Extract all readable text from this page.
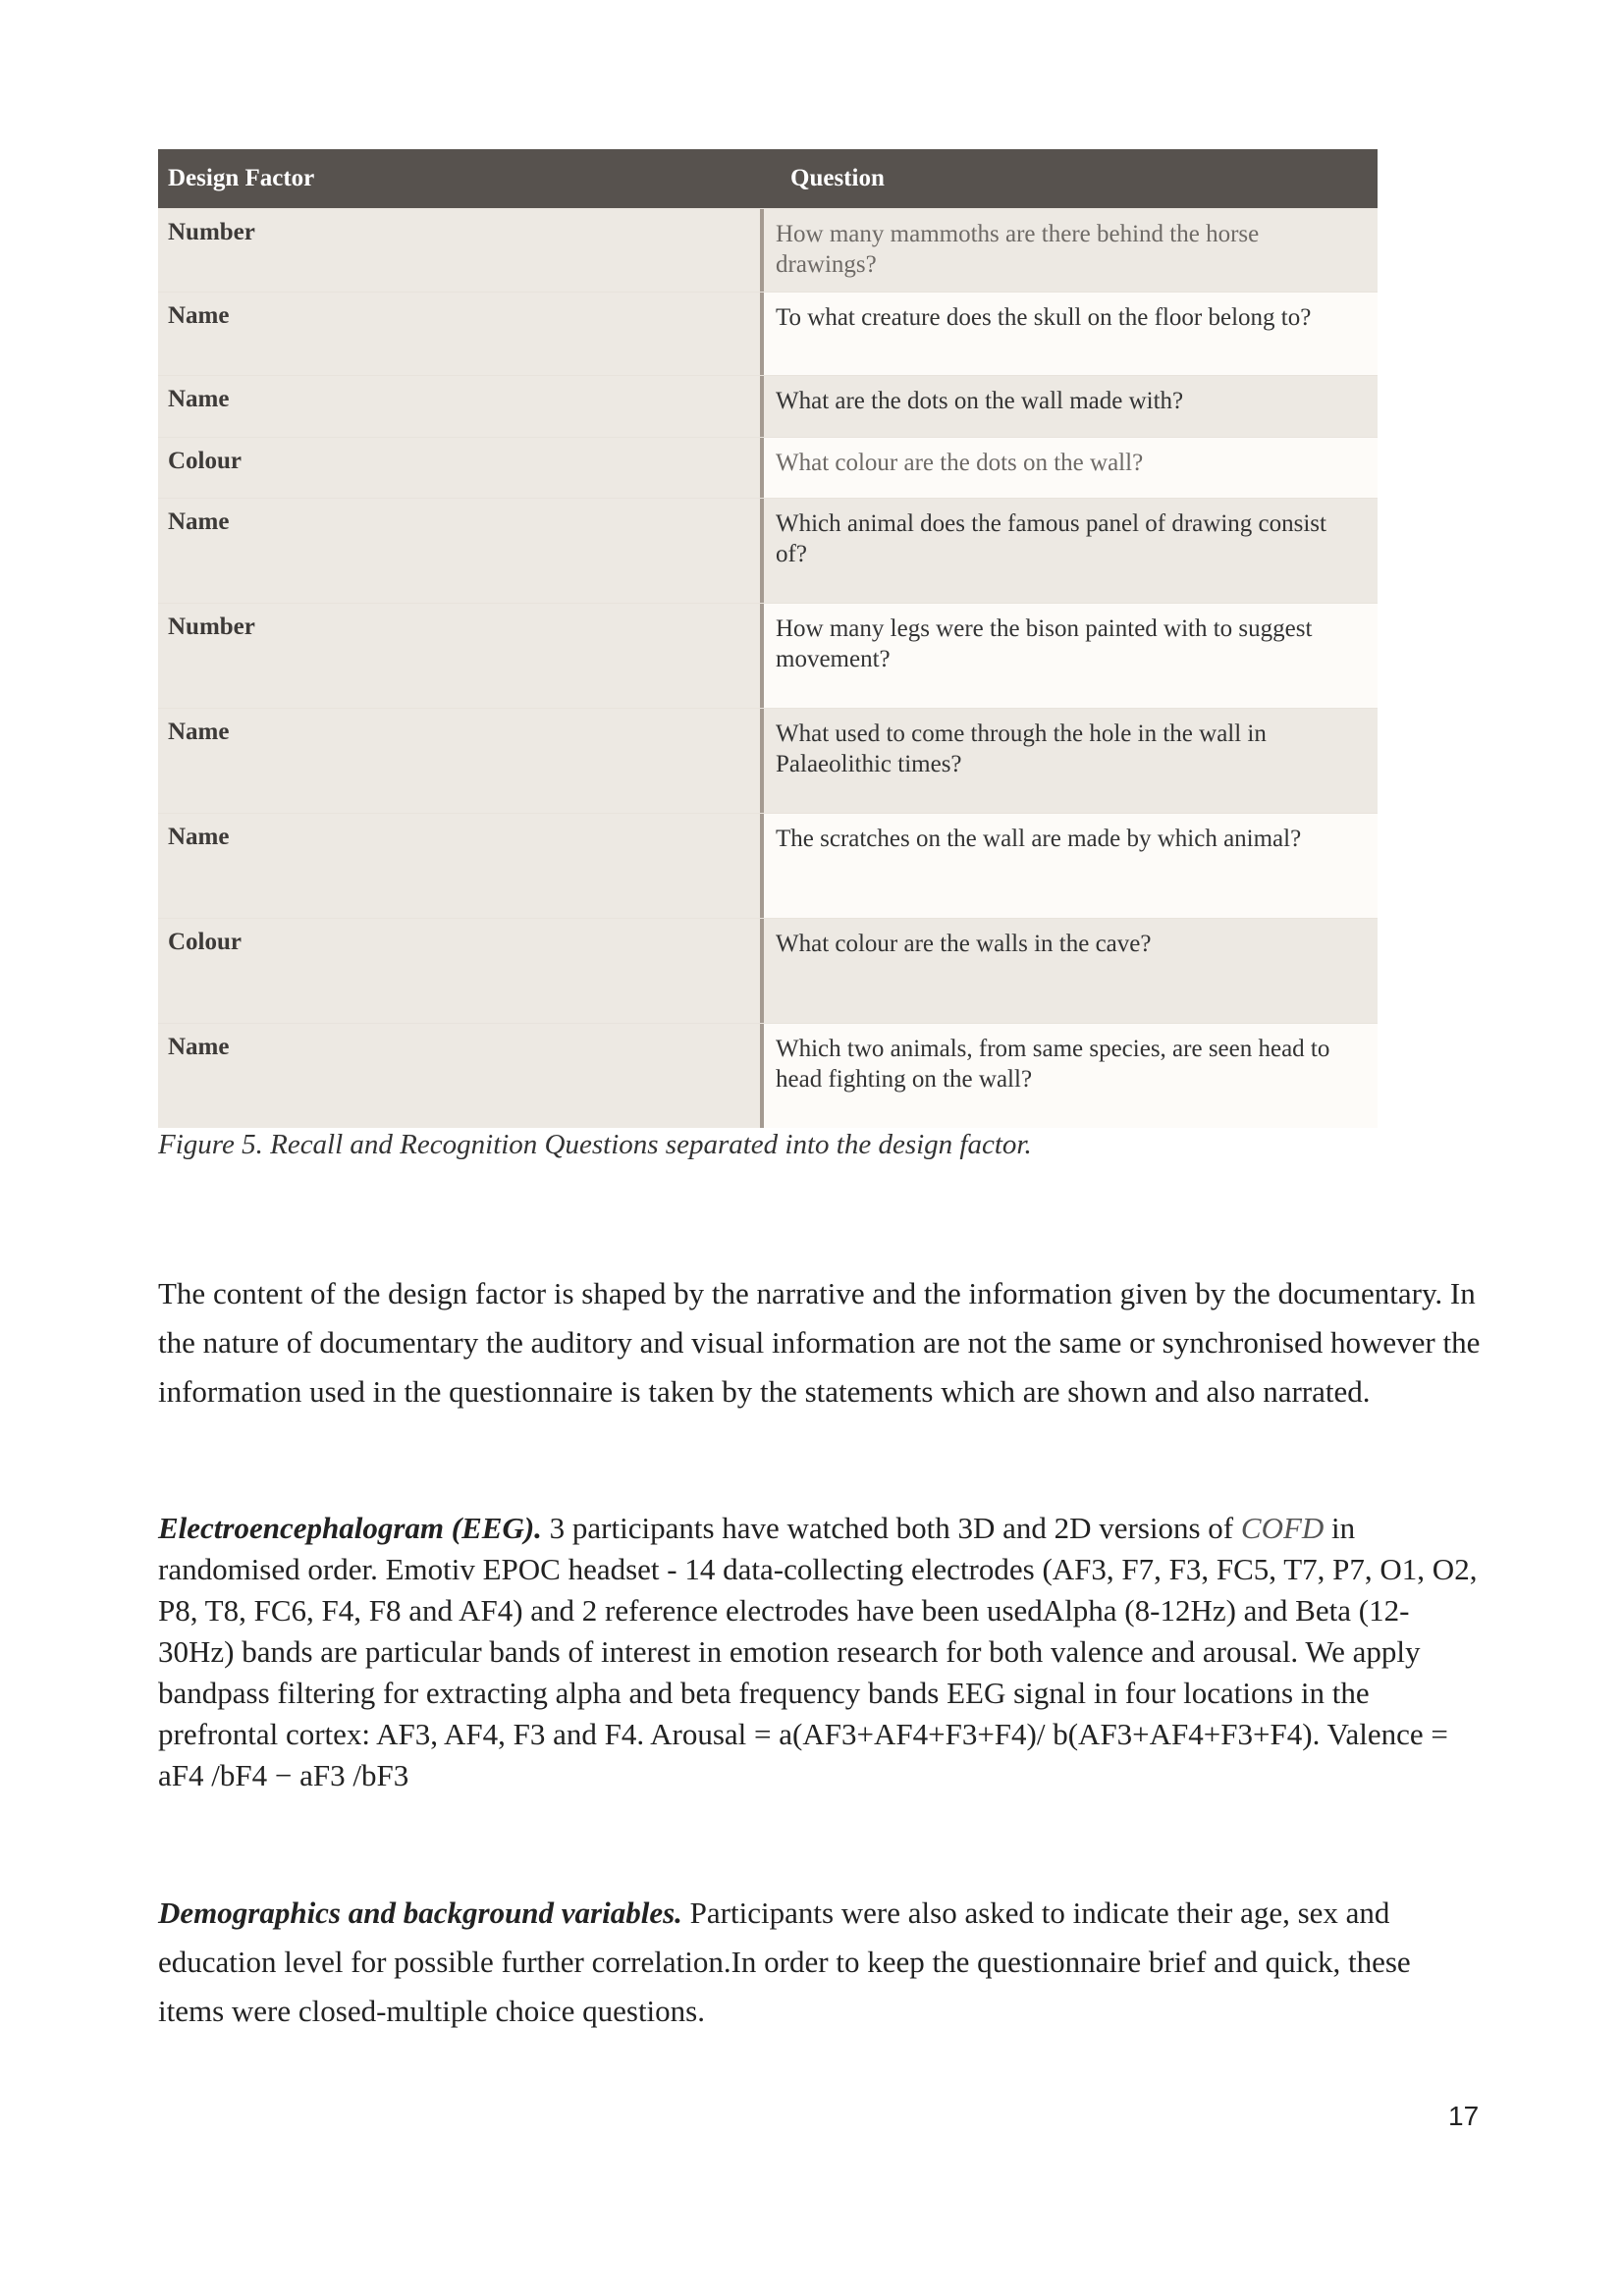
Design Factor	Question
Number	How many mammoths are there behind the horse drawings?
Name	To what creature does the skull on the floor belong to?
Name	What are the dots on the wall made with?
Colour	What colour are the dots on the wall?
Name	Which animal does the famous panel of drawing consist of?
Number	How many legs were the bison painted with to suggest movement?
Name	What used to come through the hole in the wall in Palaeolithic times?
Name	The scratches on the wall are made by which animal?
Colour	What colour are the walls in the cave?
Name	Which two animals, from same species, are seen head to head fighting on the wall?
Figure 5. Recall and Recognition Questions separated into the design factor.
The content of the design factor is shaped by the narrative and the information given by the documentary. In the nature of documentary the auditory and visual information are not the same or synchronised however the information used in the questionnaire is taken by the statements which are shown and also narrated.
Electroencephalogram (EEG). 3 participants have watched both 3D and 2D versions of COFD in randomised order. Emotiv EPOC headset - 14 data-collecting electrodes (AF3, F7, F3, FC5, T7, P7, O1, O2, P8, T8, FC6, F4, F8 and AF4) and 2 reference electrodes have been usedAlpha (8-12Hz) and Beta (12-30Hz) bands are particular bands of interest in emotion research for both valence and arousal. We apply bandpass filtering for extracting alpha and beta frequency bands EEG signal in four locations in the prefrontal cortex: AF3, AF4, F3 and F4. Arousal = a(AF3+AF4+F3+F4)/ b(AF3+AF4+F3+F4). Valence = aF4 /bF4 − aF3 /bF3
Demographics and background variables. Participants were also asked to indicate their age, sex and education level for possible further correlation.In order to keep the questionnaire brief and quick, these items were closed-multiple choice questions.
17
